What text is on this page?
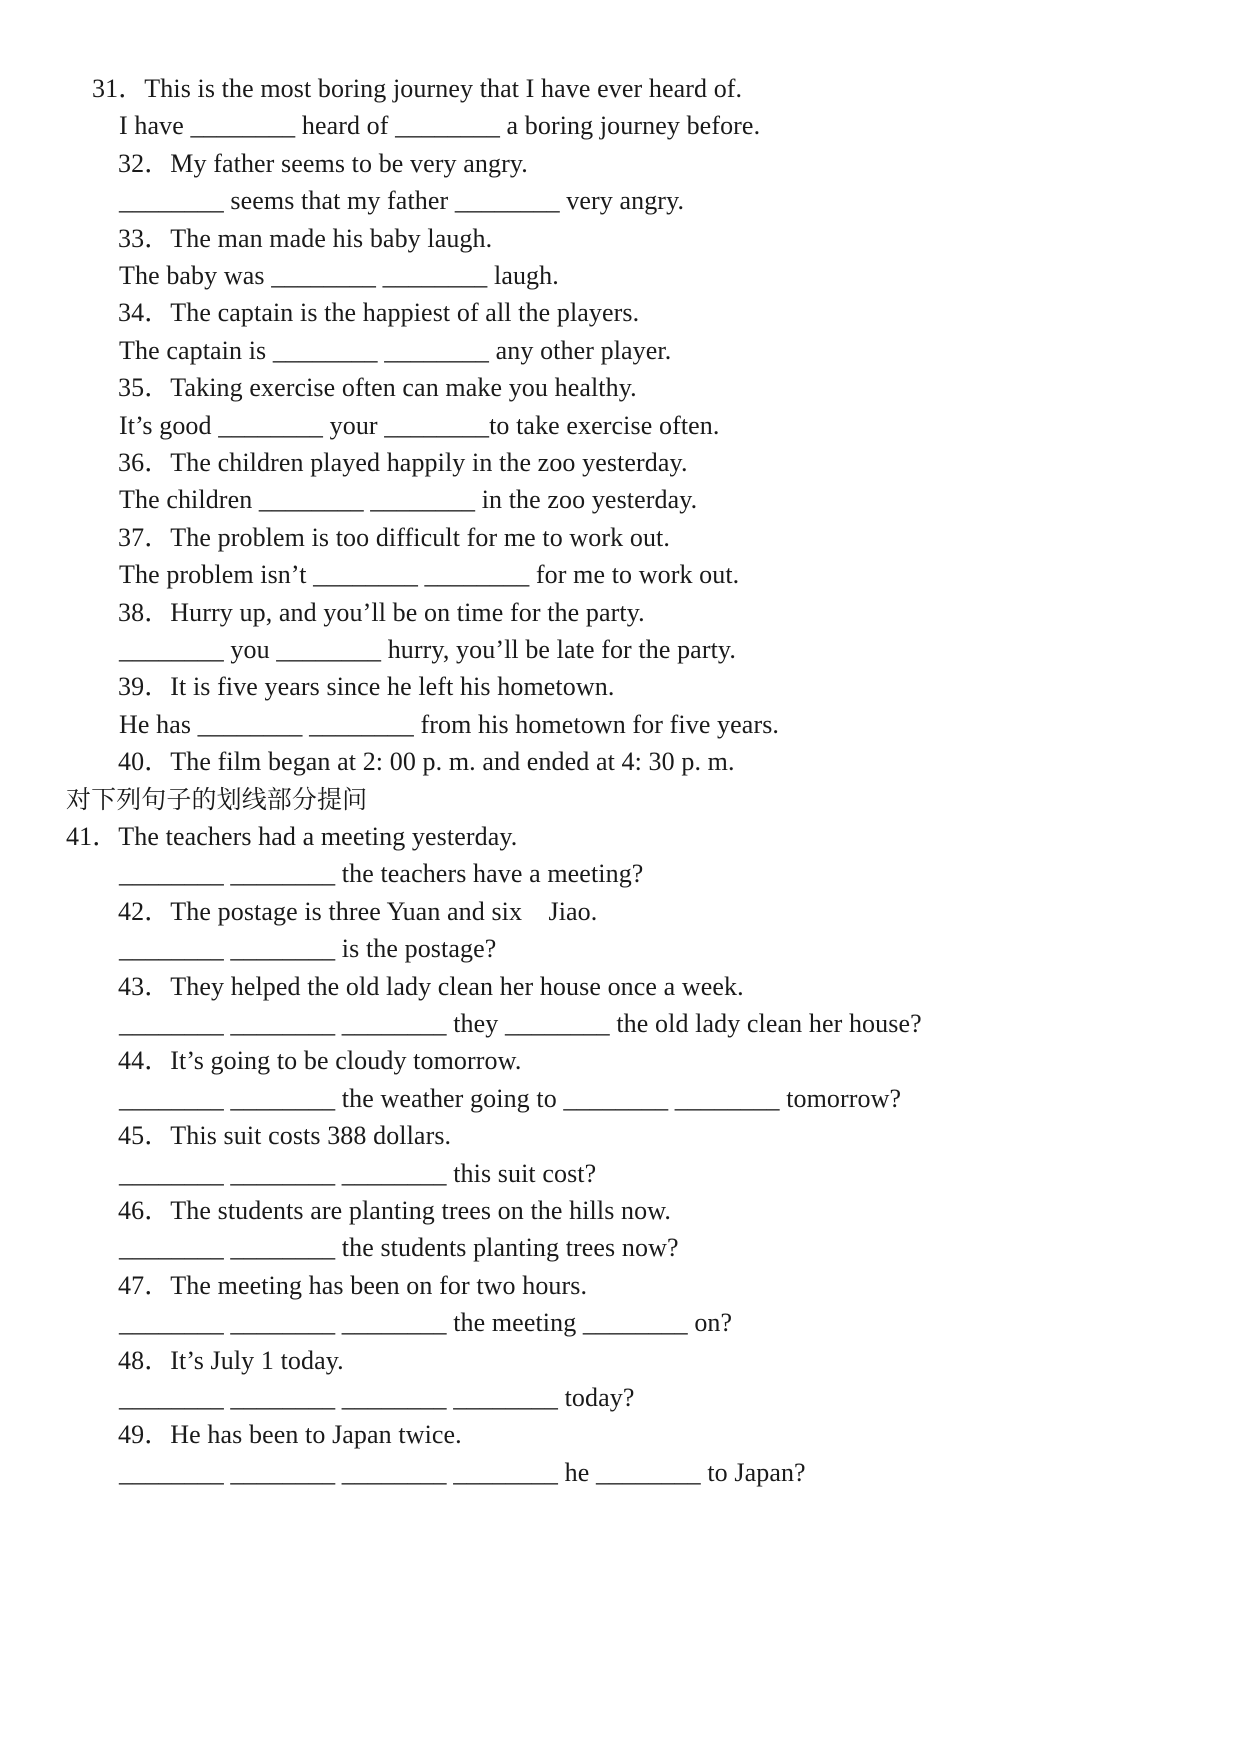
31．This is the most boring journey that I have ever heard of.
I have ________ heard of ________ a boring journey before.
32．My father seems to be very angry.
________ seems that my father ________ very angry.
33．The man made his baby laugh.
The baby was ________ ________ laugh.
34．The captain is the happiest of all the players.
The captain is ________ ________ any other player.
35．Taking exercise often can make you healthy.
It’s good ________ your ________to take exercise often.
36．The children played happily in the zoo yesterday.
The children ________ ________ in the zoo yesterday.
37．The problem is too difficult for me to work out.
The problem isn’t ________ ________ for me to work out.
38．Hurry up, and you’ll be on time for the party.
________ you ________ hurry, you’ll be late for the party.
39．It is five years since he left his hometown.
He has ________ ________ from his hometown for five years.
40．The film began at 2: 00 p. m. and ended at 4: 30 p. m.
对下列句子的划线部分提问
41．The teachers had a meeting yesterday.
________ ________ the teachers have a meeting?
42．The postage is three Yuan and six    Jiao.
________ ________ is the postage?
43．They helped the old lady clean her house once a week.
________ ________ ________ they ________ the old lady clean her house?
44．It’s going to be cloudy tomorrow.
________ ________ the weather going to ________ ________ tomorrow?
45．This suit costs 388 dollars.
________ ________ ________ this suit cost?
46．The students are planting trees on the hills now.
________ ________ the students planting trees now?
47．The meeting has been on for two hours.
________ ________ ________ the meeting ________ on?
48．It’s July 1 today.
________ ________ ________ ________ today?
49．He has been to Japan twice.
________ ________ ________ ________ he ________ to Japan?
